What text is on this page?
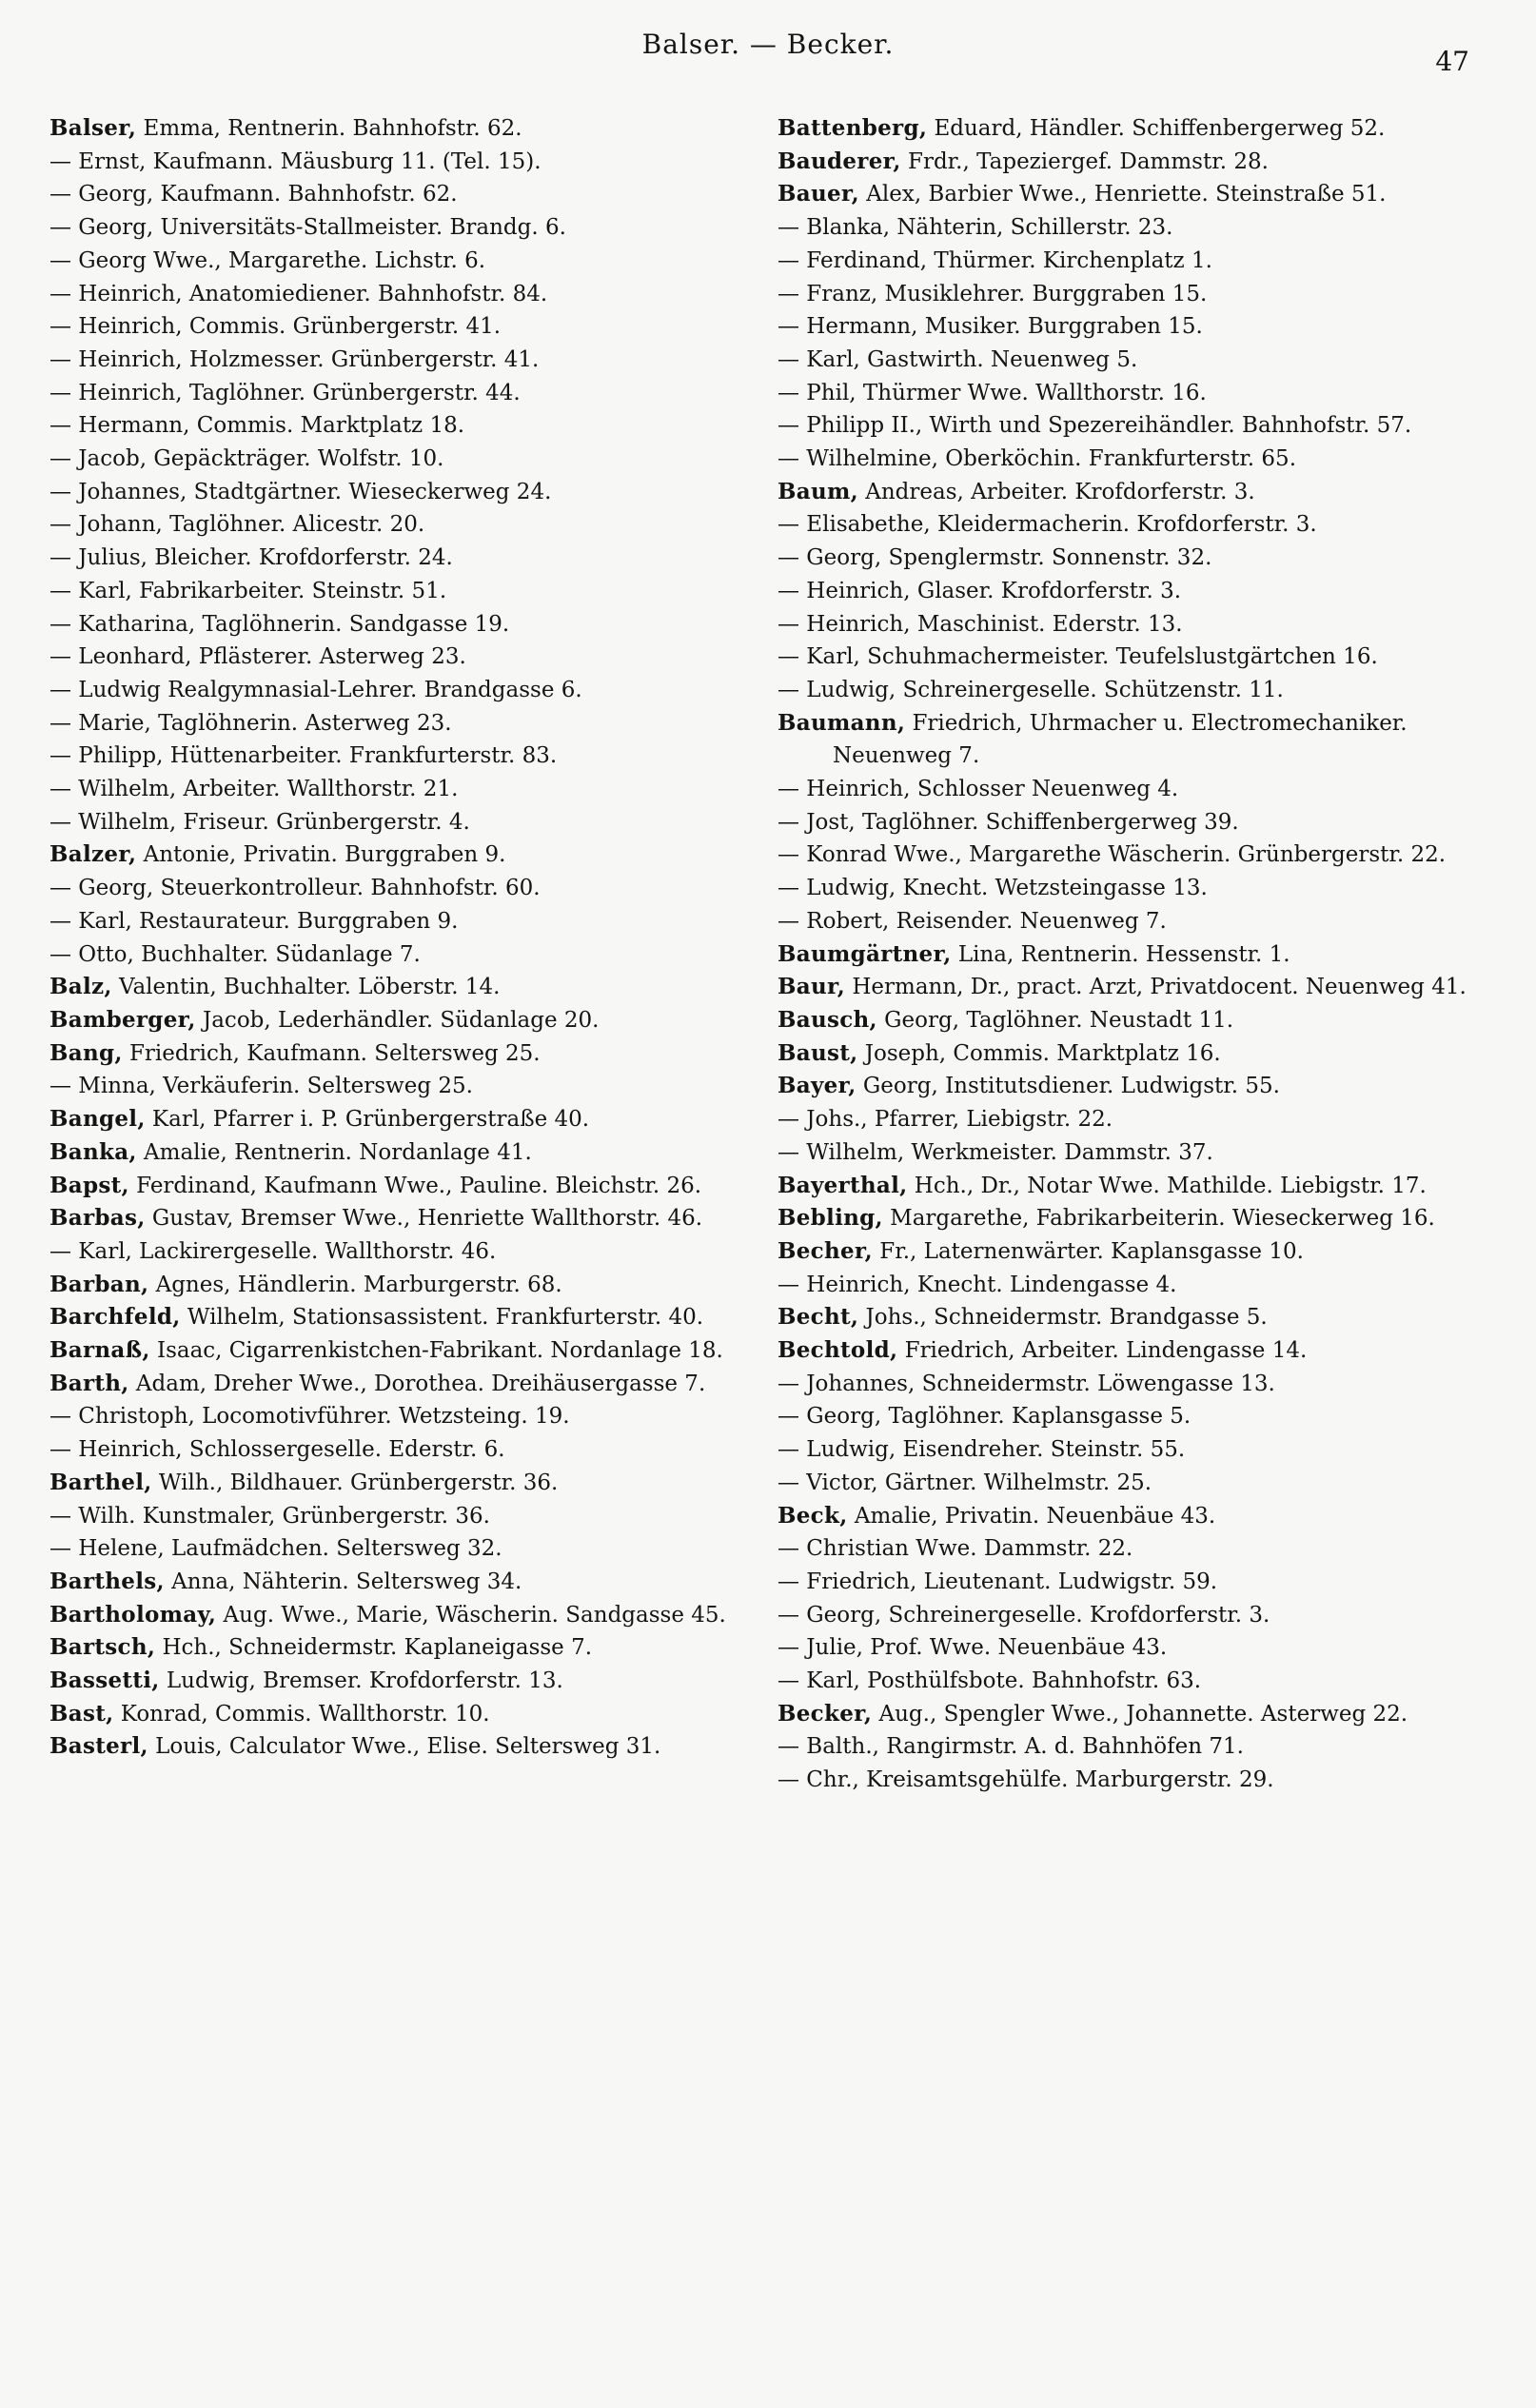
Balser. — Becker.
47
Balser, Emma, Rentnerin. Bahnhofstr. 62.
— Ernst, Kaufmann. Mäusburg 11. (Tel. 15).
— Georg, Kaufmann. Bahnhofstr. 62.
— Georg, Universitäts-Stallmeister. Brandg. 6.
— Georg Wwe., Margarethe. Lichstr. 6.
— Heinrich, Anatomiediener. Bahnhofstr. 84.
— Heinrich, Commis. Grünbergerstr. 41.
— Heinrich, Holzmesser. Grünbergerstr. 41.
— Heinrich, Taglöhner. Grünbergerstr. 44.
— Hermann, Commis. Marktplatz 18.
— Jacob, Gepäckträger. Wolfstr. 10.
— Johannes, Stadtgärtner. Wieseckerweg 24.
— Johann, Taglöhner. Alicestr. 20.
— Julius, Bleicher. Krofdorferstr. 24.
— Karl, Fabrikarbeiter. Steinstr. 51.
— Katharina, Taglöhnerin. Sandgasse 19.
— Leonhard, Pflästerer. Asterweg 23.
— Ludwig Realgymnasial-Lehrer. Brandgasse 6.
— Marie, Taglöhnerin. Asterweg 23.
— Philipp, Hüttenarbeiter. Frankfurterstr. 83.
— Wilhelm, Arbeiter. Wallthorstr. 21.
— Wilhelm, Friseur. Grünbergerstr. 4.
Balzer, Antonie, Privatin. Burggraben 9.
— Georg, Steuerkontrolleur. Bahnhofstr. 60.
— Karl, Restaurateur. Burggraben 9.
— Otto, Buchhalter. Südanlage 7.
Balz, Valentin, Buchhalter. Löberstr. 14.
Bamberger, Jacob, Lederhändler. Südanlage 20.
Bang, Friedrich, Kaufmann. Seltersweg 25.
— Minna, Verkäuferin. Seltersweg 25.
Bangel, Karl, Pfarrer i. P. Grünbergerstraße 40.
Banka, Amalie, Rentnerin. Nordanlage 41.
Bapst, Ferdinand, Kaufmann Wwe., Pauline. Bleichstr. 26.
Barbas, Gustav, Bremser Wwe., Henriette Wallthorstr. 46.
— Karl, Lackirergeselle. Wallthorstr. 46.
Barban, Agnes, Händlerin. Marburgerstr. 68.
Barchfeld, Wilhelm, Stationsassistent. Frankfurterstr. 40.
Barnaß, Isaac, Cigarrenkistchen-Fabrikant. Nordanlage 18.
Barth, Adam, Dreher Wwe., Dorothea. Dreihäusergasse 7.
— Christoph, Locomotivführer. Wetzsteing. 19.
— Heinrich, Schlossergeselle. Ederstr. 6.
Barthel, Wilh., Bildhauer. Grünbergerstr. 36.
— Wilh. Kunstmaler, Grünbergerstr. 36.
— Helene, Laufmädchen. Seltersweg 32.
Barthels, Anna, Nähterin. Seltersweg 34.
Bartholomay, Aug. Wwe., Marie, Wäscherin. Sandgasse 45.
Bartsch, Hch., Schneidermstr. Kaplaneigasse 7.
Bassetti, Ludwig, Bremser. Krofdorferstr. 13.
Bast, Konrad, Commis. Wallthorstr. 10.
Basterl, Louis, Calculator Wwe., Elise. Seltersweg 31.
Battenberg, Eduard, Händler. Schiffenbergerweg 52.
Bauderer, Frdr., Tapeziergef. Dammstr. 28.
Bauer, Alex, Barbier Wwe., Henriette. Steinstraße 51.
— Blanka, Nähterin, Schillerstr. 23.
— Ferdinand, Thürmer. Kirchenplatz 1.
— Franz, Musiklehrer. Burggraben 15.
— Hermann, Musiker. Burggraben 15.
— Karl, Gastwirth. Neuenweg 5.
— Phil, Thürmer Wwe. Wallthorstr. 16.
— Philipp II., Wirth und Spezereihändler. Bahnhofstr. 57.
— Wilhelmine, Oberköchin. Frankfurterstr. 65.
Baum, Andreas, Arbeiter. Krofdorferstr. 3.
— Elisabethe, Kleidermacherin. Krofdorferstr. 3.
— Georg, Spenglermstr. Sonnenstr. 32.
— Heinrich, Glaser. Krofdorferstr. 3.
— Heinrich, Maschinist. Ederstr. 13.
— Karl, Schuhmachermeister. Teufelslustgärtchen 16.
— Ludwig, Schreinergeselle. Schützenstr. 11.
Baumann, Friedrich, Uhrmacher u. Electromechaniker. Neuenweg 7.
— Heinrich, Schlosser Neuenweg 4.
— Jost, Taglöhner. Schiffenbergerweg 39.
— Konrad Wwe., Margarethe Wäscherin. Grünbergerstr. 22.
— Ludwig, Knecht. Wetzsteingasse 13.
— Robert, Reisender. Neuenweg 7.
Baumgärtner, Lina, Rentnerin. Hessenstr. 1.
Baur, Hermann, Dr., pract. Arzt, Privatdocent. Neuenweg 41.
Bausch, Georg, Taglöhner. Neustadt 11.
Baust, Joseph, Commis. Marktplatz 16.
Bayer, Georg, Institutsdiener. Ludwigstr. 55.
— Johs., Pfarrer, Liebigstr. 22.
— Wilhelm, Werkmeister. Dammstr. 37.
Bayerthal, Hch., Dr., Notar Wwe. Mathilde. Liebigstr. 17.
Bebling, Margarethe, Fabrikarbeiterin. Wieseckerweg 16.
Becher, Fr., Laternenwärter. Kaplansgasse 10.
— Heinrich, Knecht. Lindengasse 4.
Becht, Johs., Schneidermstr. Brandgasse 5.
Bechtold, Friedrich, Arbeiter. Lindengasse 14.
— Johannes, Schneidermstr. Löwengasse 13.
— Georg, Taglöhner. Kaplansgasse 5.
— Ludwig, Eisendreher. Steinstr. 55.
— Victor, Gärtner. Wilhelmstr. 25.
Beck, Amalie, Privatin. Neuenbäue 43.
— Christian Wwe. Dammstr. 22.
— Friedrich, Lieutenant. Ludwigstr. 59.
— Georg, Schreinergeselle. Krofdorferstr. 3.
— Julie, Prof. Wwe. Neuenbäue 43.
— Karl, Posthülfsbote. Bahnhofstr. 63.
Becker, Aug., Spengler Wwe., Johannette. Asterweg 22.
— Balth., Rangirmstr. A. d. Bahnhöfen 71.
— Chr., Kreisamtsgehülfe. Marburgerstr. 29.
